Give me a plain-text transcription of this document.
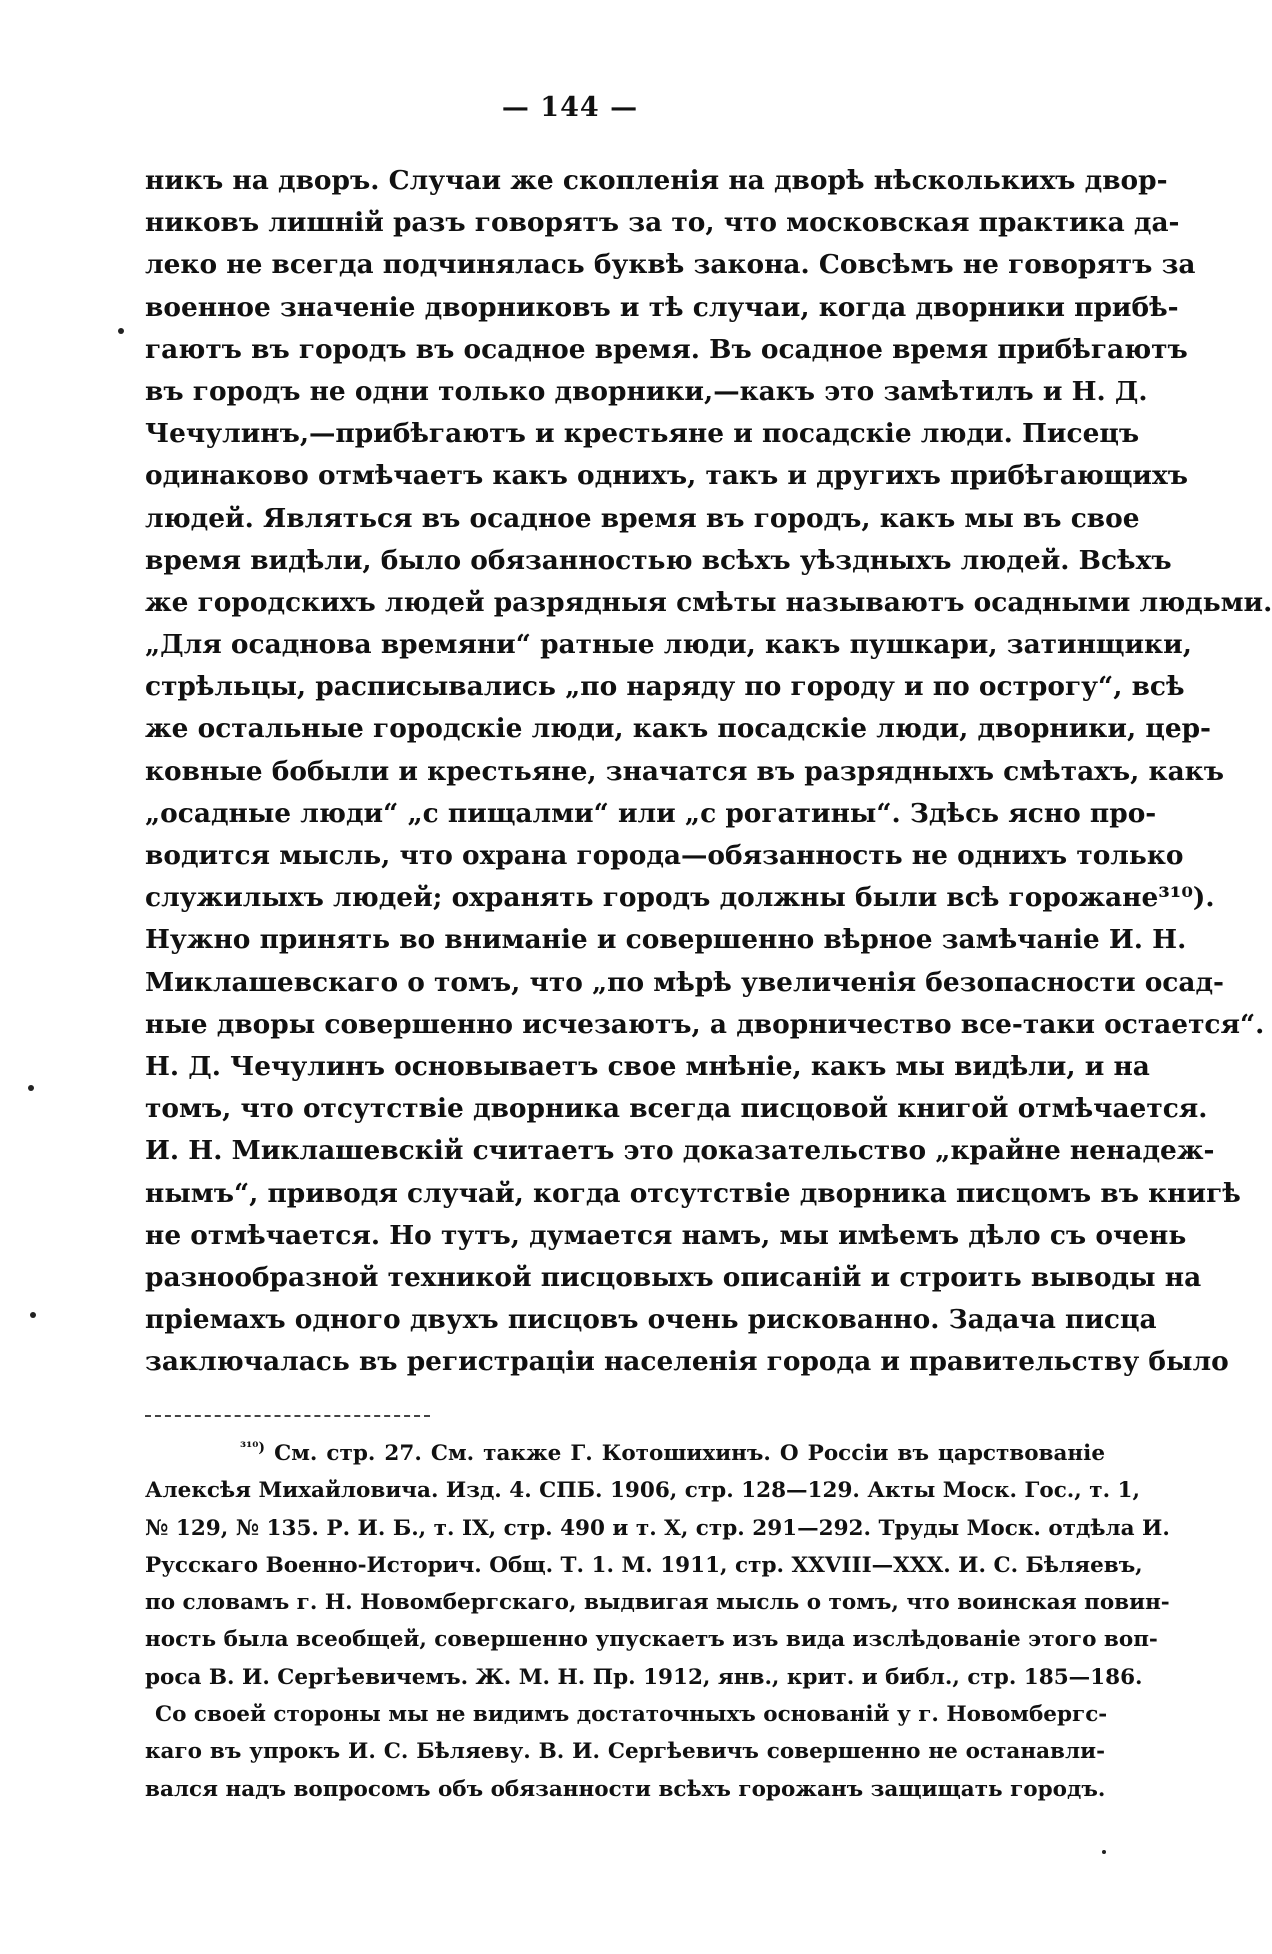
— 144 —
никъ на дворъ. Случаи же скопленія на дворѣ нѣсколькихъ двор-
никовъ лишній разъ говорятъ за то, что московская практика да-
леко не всегда подчинялась буквѣ закона. Совсѣмъ не говорятъ за
военное значеніе дворниковъ и тѣ случаи, когда дворники прибѣ-
гаютъ въ городъ въ осадное время. Въ осадное время прибѣгаютъ
въ городъ не одни только дворники,—какъ это замѣтилъ и Н. Д.
Чечулинъ,—прибѣгаютъ и крестьяне и посадскіе люди. Писецъ
одинаково отмѣчаетъ какъ однихъ, такъ и другихъ прибѣгающихъ
людей. Являться въ осадное время въ городъ, какъ мы въ свое
время видѣли, было обязанностью всѣхъ уѣздныхъ людей. Всѣхъ
же городскихъ людей разрядныя смѣты называютъ осадными людьми.
„Для осаднова времяни“ ратные люди, какъ пушкари, затинщики,
стрѣльцы, расписывались „по наряду по городу и по острогу“, всѣ
же остальные городскіе люди, какъ посадскіе люди, дворники, цер-
ковные бобыли и крестьяне, значатся въ разрядныхъ смѣтахъ, какъ
„осадные люди“ „с пищалми“ или „с рогатины“. Здѣсь ясно про-
водится мысль, что охрана города—обязанность не однихъ только
служилыхъ людей; охранять городъ должны были всѣ горожане³¹⁰).
Нужно принять во вниманіе и совершенно вѣрное замѣчаніе И. Н.
Миклашевскаго о томъ, что „по мѣрѣ увеличенія безопасности осад-
ные дворы совершенно исчезаютъ, а дворничество все-таки остается“.
Н. Д. Чечулинъ основываетъ свое мнѣніе, какъ мы видѣли, и на
томъ, что отсутствіе дворника всегда писцовой книгой отмѣчается.
И. Н. Миклашевскій считаетъ это доказательство „крайне ненадеж-
нымъ“, приводя случай, когда отсутствіе дворника писцомъ въ книгѣ
не отмѣчается. Но тутъ, думается намъ, мы имѣемъ дѣло съ очень
разнообразной техникой писцовыхъ описаній и строить выводы на
пріемахъ одного двухъ писцовъ очень рискованно. Задача писца
заключалась въ регистраціи населенія города и правительству было
$^{^{310})}$ См. стр. 27. См. также Г. Котошихинъ. О Россіи въ царствованіе
Алексѣя Михайловича. Изд. 4. СПБ. 1906, стр. 128—129. Акты Моск. Гос., т. 1,
№ 129, № 135. Р. И. Б., т. IX, стр. 490 и т. X, стр. 291—292. Труды Моск. отдѣла И.
Русскаго Военно-Историч. Общ. Т. 1. М. 1911, стр. XXVIII—XXX. И. С. Бѣляевъ,
по словамъ г. Н. Новомбергскаго, выдвигая мысль о томъ, что воинская повин-
ность была всеобщей, совершенно упускаетъ изъ вида изслѣдованіе этого воп-
роса В. И. Сергѣевичемъ. Ж. М. Н. Пр. 1912, янв., крит. и библ., стр. 185—186.
Со своей стороны мы не видимъ достаточныхъ основаній у г. Новомбергс-
каго въ упрокъ И. С. Бѣляеву. В. И. Сергѣевичъ совершенно не останавли-
вался надъ вопросомъ объ обязанности всѣхъ горожанъ защищать городъ.
